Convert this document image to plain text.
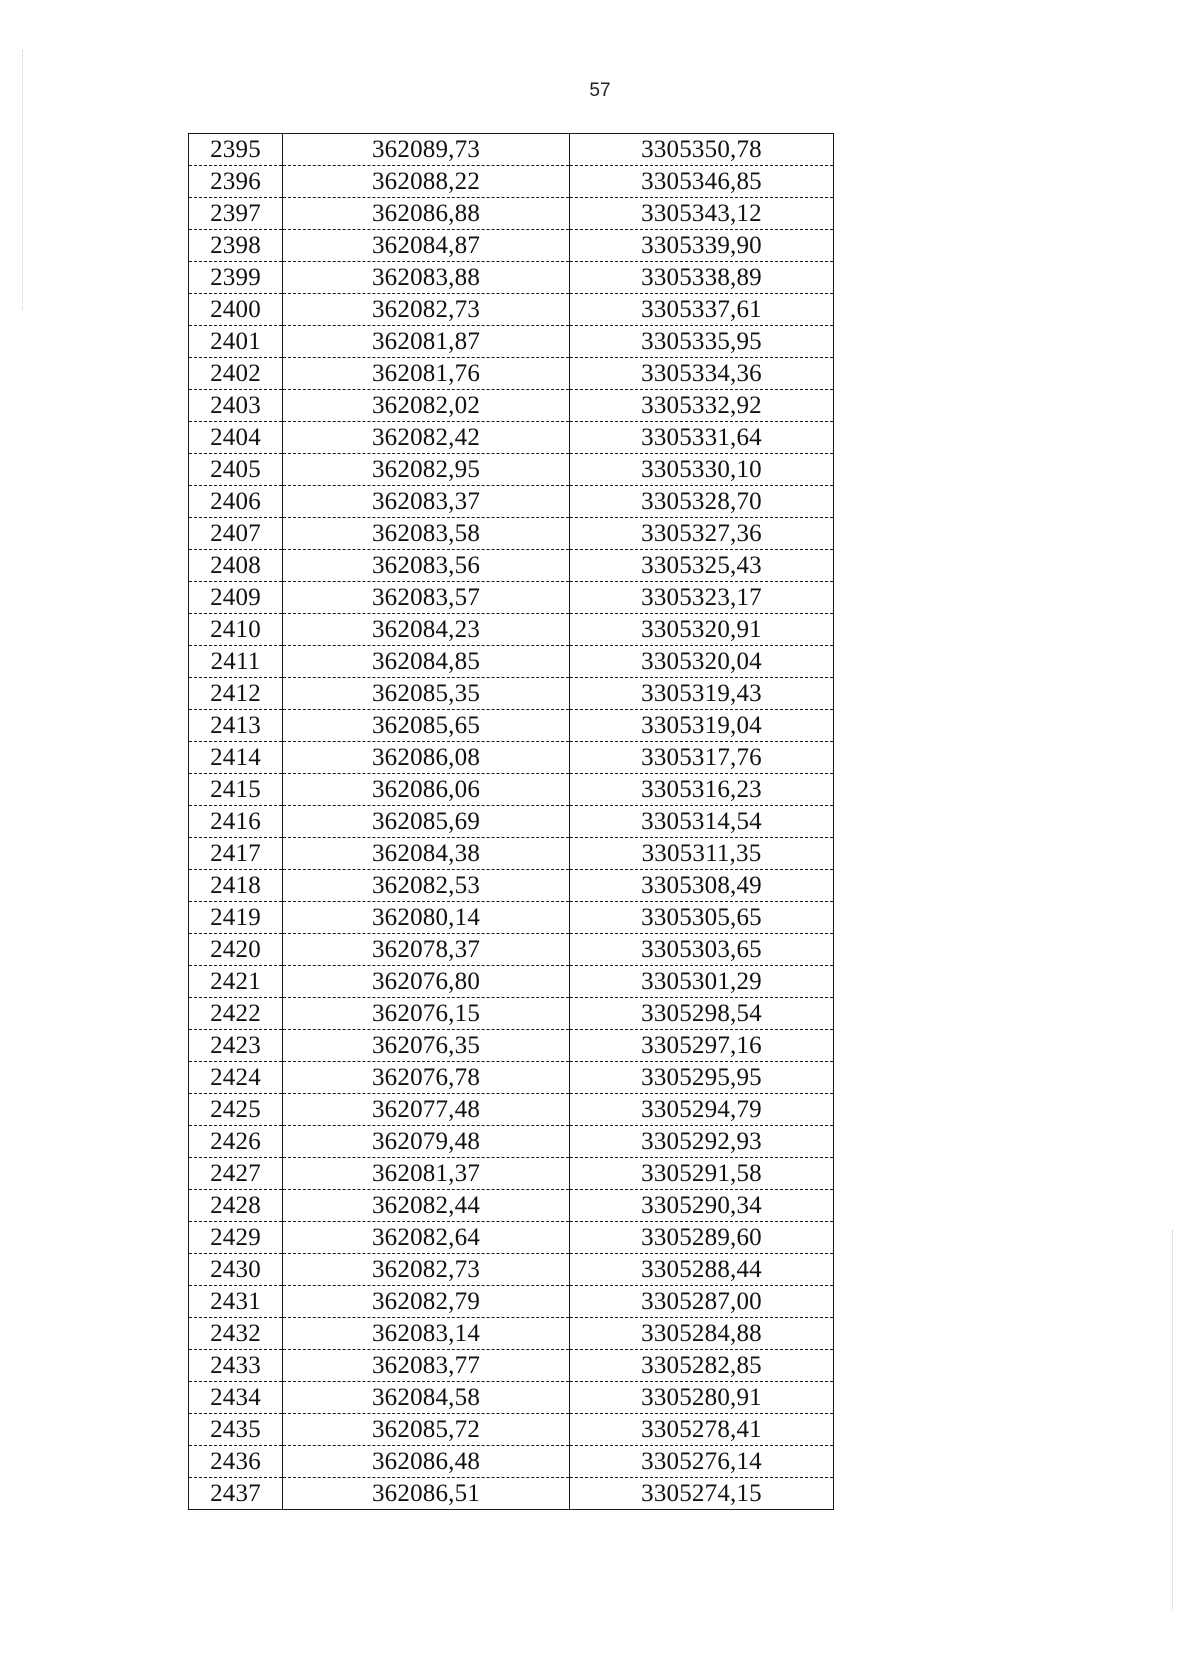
57
2395	362089,73	3305350,78
2396	362088,22	3305346,85
2397	362086,88	3305343,12
2398	362084,87	3305339,90
2399	362083,88	3305338,89
2400	362082,73	3305337,61
2401	362081,87	3305335,95
2402	362081,76	3305334,36
2403	362082,02	3305332,92
2404	362082,42	3305331,64
2405	362082,95	3305330,10
2406	362083,37	3305328,70
2407	362083,58	3305327,36
2408	362083,56	3305325,43
2409	362083,57	3305323,17
2410	362084,23	3305320,91
2411	362084,85	3305320,04
2412	362085,35	3305319,43
2413	362085,65	3305319,04
2414	362086,08	3305317,76
2415	362086,06	3305316,23
2416	362085,69	3305314,54
2417	362084,38	3305311,35
2418	362082,53	3305308,49
2419	362080,14	3305305,65
2420	362078,37	3305303,65
2421	362076,80	3305301,29
2422	362076,15	3305298,54
2423	362076,35	3305297,16
2424	362076,78	3305295,95
2425	362077,48	3305294,79
2426	362079,48	3305292,93
2427	362081,37	3305291,58
2428	362082,44	3305290,34
2429	362082,64	3305289,60
2430	362082,73	3305288,44
2431	362082,79	3305287,00
2432	362083,14	3305284,88
2433	362083,77	3305282,85
2434	362084,58	3305280,91
2435	362085,72	3305278,41
2436	362086,48	3305276,14
2437	362086,51	3305274,15
